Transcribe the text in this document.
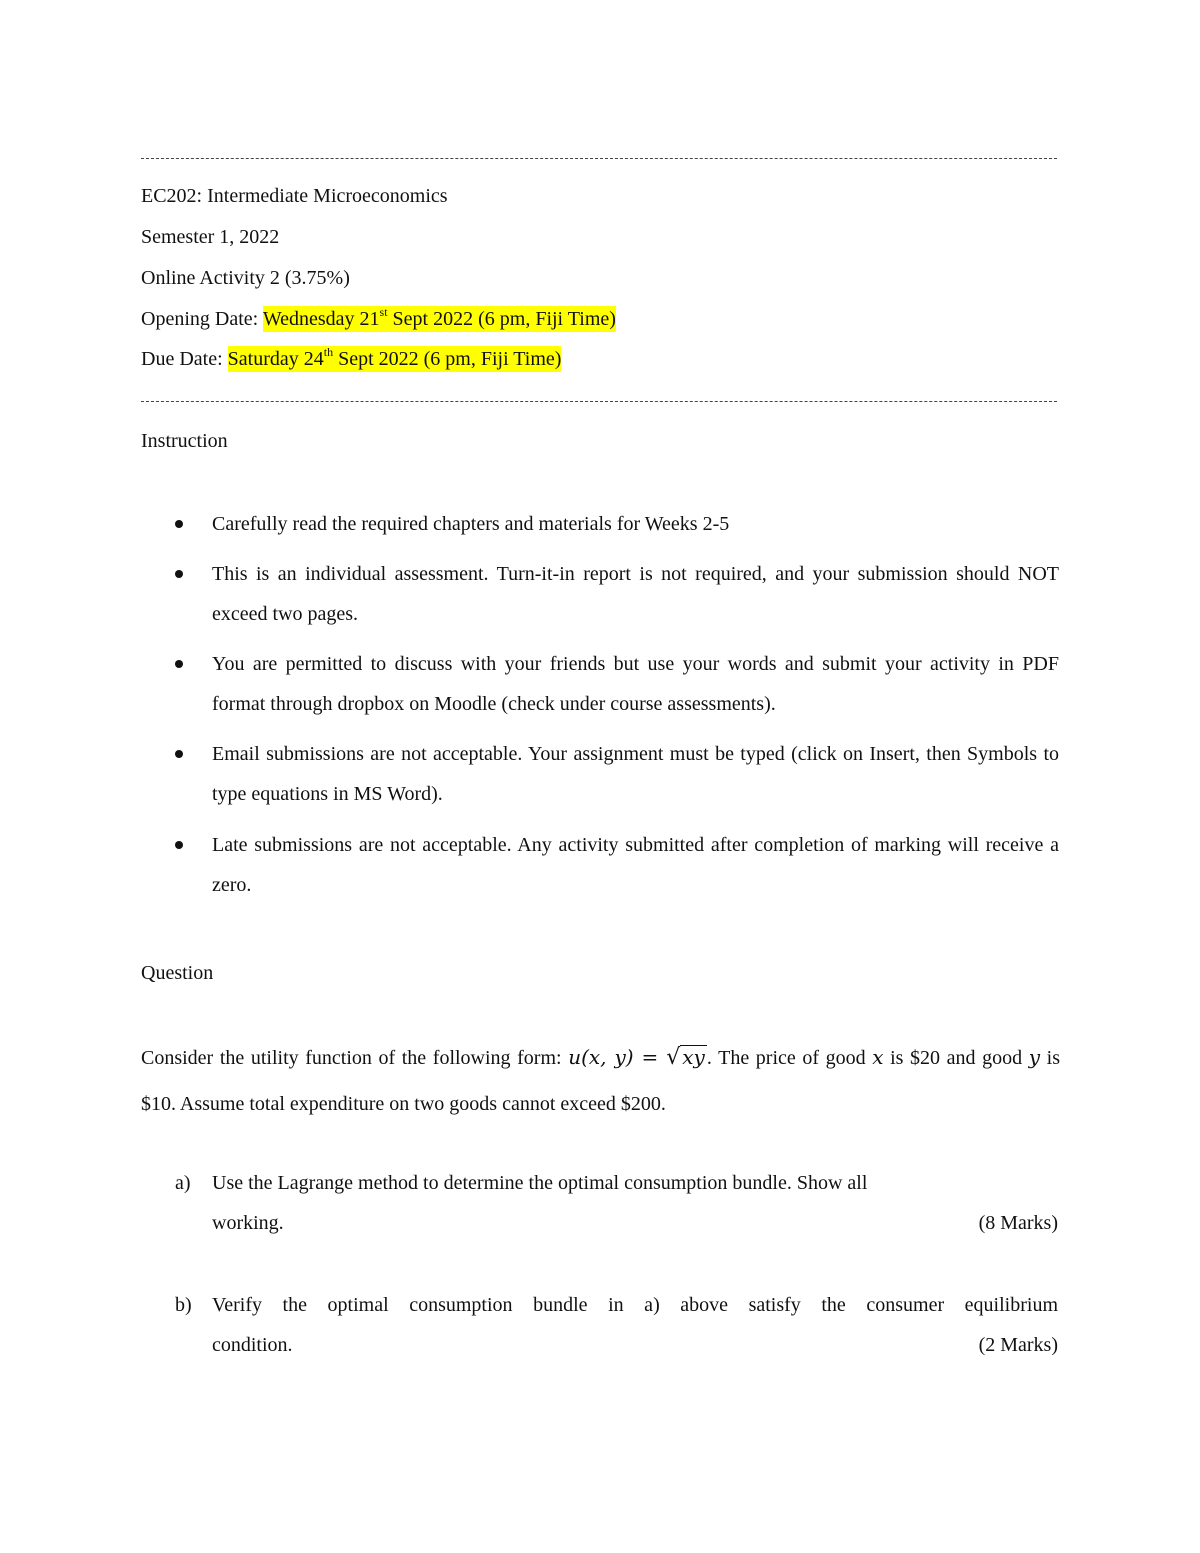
EC202: Intermediate Microeconomics
Semester 1, 2022
Online Activity 2 (3.75%)
Opening Date: Wednesday 21st Sept 2022 (6 pm, Fiji Time)
Due Date: Saturday 24th Sept 2022 (6 pm, Fiji Time)
Instruction
Carefully read the required chapters and materials for Weeks 2-5
This is an individual assessment. Turn-it-in report is not required, and your submission should NOT exceed two pages.
You are permitted to discuss with your friends but use your words and submit your activity in PDF format through dropbox on Moodle (check under course assessments).
Email submissions are not acceptable. Your assignment must be typed (click on Insert, then Symbols to type equations in MS Word).
Late submissions are not acceptable. Any activity submitted after completion of marking will receive a zero.
Question
Consider the utility function of the following form: u(x, y) = √ xy . The price of good x is $20 and good y is $10. Assume total expenditure on two goods cannot exceed $200.
a) Use the Lagrange method to determine the optimal consumption bundle. Show all
working.	(8 Marks)
b) Verify the optimal consumption bundle in a) above satisfy the consumer equilibrium
condition.	(2 Marks)
